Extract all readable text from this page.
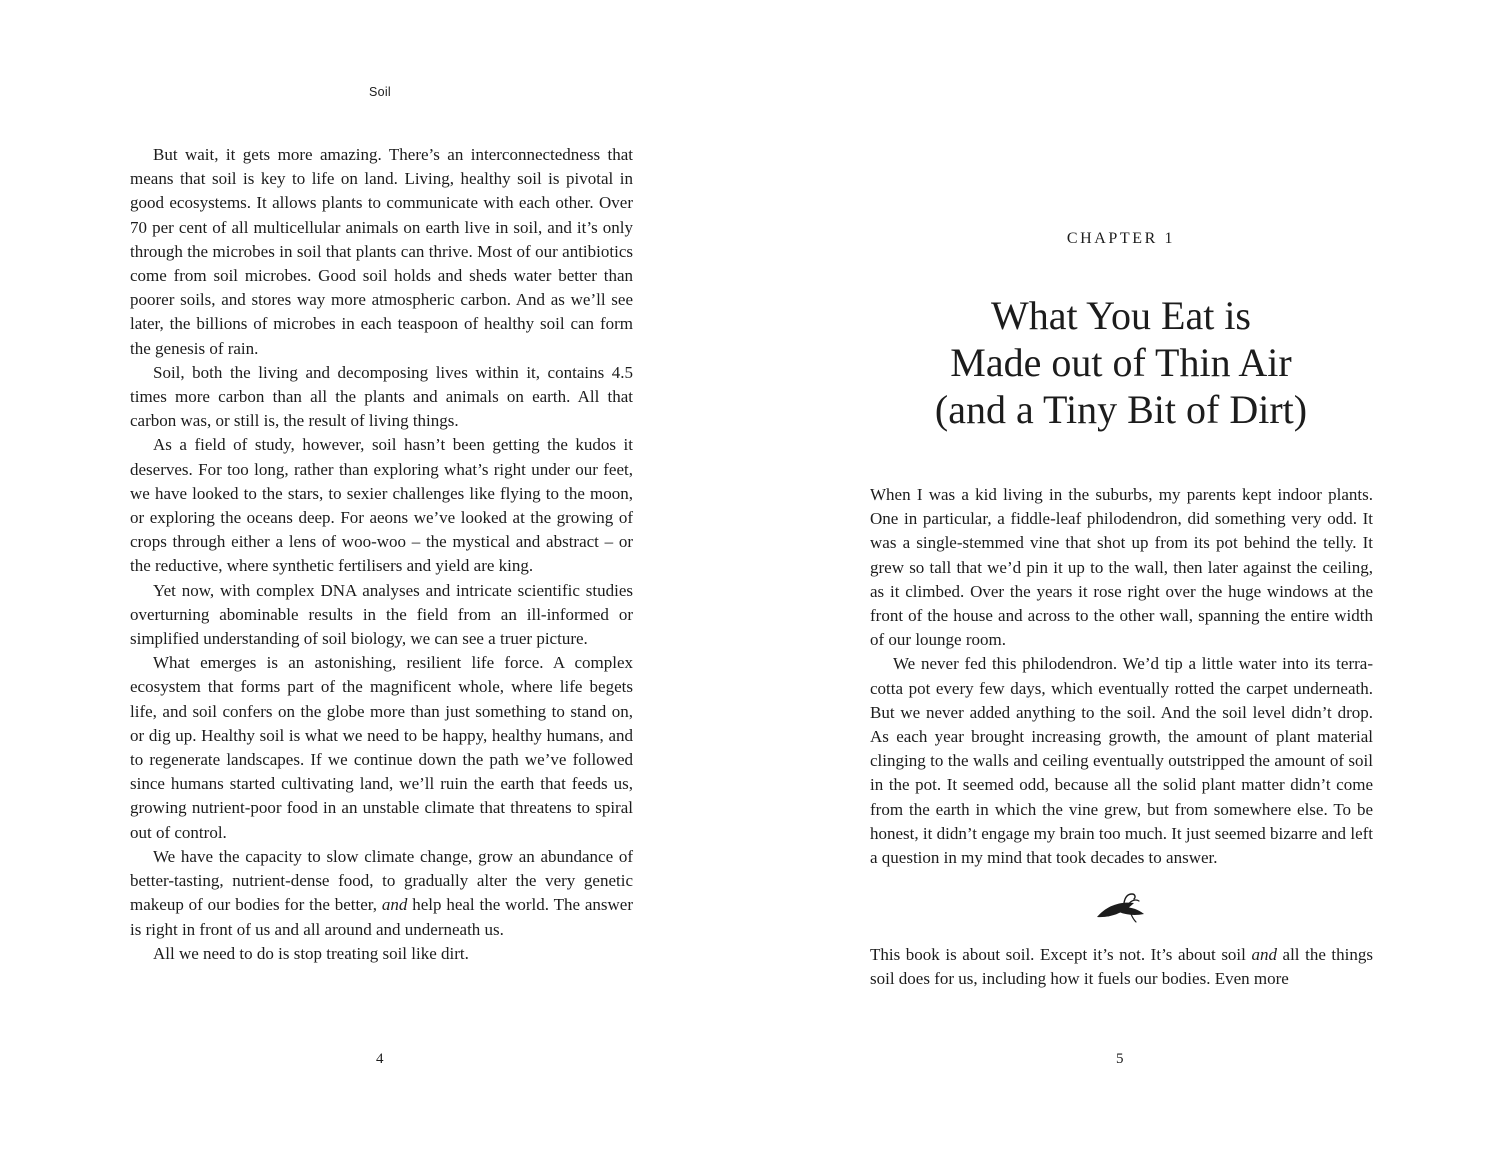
Soil

But wait, it gets more amazing. There’s an interconnectedness that means that soil is key to life on land. Living, healthy soil is pivotal in good ecosystems. It allows plants to communicate with each other. Over 70 per cent of all multicellular animals on earth live in soil, and it’s only through the microbes in soil that plants can thrive. Most of our antibiotics come from soil microbes. Good soil holds and sheds water better than poorer soils, and stores way more atmospheric carbon. And as we’ll see later, the billions of microbes in each teaspoon of healthy soil can form the genesis of rain.

Soil, both the living and decomposing lives within it, contains 4.5 times more carbon than all the plants and animals on earth. All that carbon was, or still is, the result of living things.

As a field of study, however, soil hasn’t been getting the kudos it deserves. For too long, rather than exploring what’s right under our feet, we have looked to the stars, to sexier challenges like flying to the moon, or exploring the oceans deep. For aeons we’ve looked at the growing of crops through either a lens of woo-woo – the mystical and abstract – or the reductive, where synthetic fertilisers and yield are king.

Yet now, with complex DNA analyses and intricate scientific studies overturning abominable results in the field from an ill-informed or simplified understanding of soil biology, we can see a truer picture.

What emerges is an astonishing, resilient life force. A complex ecosystem that forms part of the magnificent whole, where life begets life, and soil confers on the globe more than just something to stand on, or dig up. Healthy soil is what we need to be happy, healthy humans, and to regenerate landscapes. If we continue down the path we’ve followed since humans started cultivating land, we’ll ruin the earth that feeds us, growing nutrient-poor food in an unstable climate that threatens to spiral out of control.

We have the capacity to slow climate change, grow an abundance of better-tasting, nutrient-dense food, to gradually alter the very genetic makeup of our bodies for the better, and help heal the world. The answer is right in front of us and all around and underneath us.

All we need to do is stop treating soil like dirt.

4
CHAPTER 1
What You Eat is
Made out of Thin Air
(and a Tiny Bit of Dirt)

When I was a kid living in the suburbs, my parents kept indoor plants. One in particular, a fiddle-leaf philodendron, did something very odd. It was a single-stemmed vine that shot up from its pot behind the telly. It grew so tall that we’d pin it up to the wall, then later against the ceiling, as it climbed. Over the years it rose right over the huge windows at the front of the house and across to the other wall, spanning the entire width of our lounge room.

We never fed this philodendron. We’d tip a little water into its terracotta pot every few days, which eventually rotted the carpet underneath. But we never added anything to the soil. And the soil level didn’t drop. As each year brought increasing growth, the amount of plant material clinging to the walls and ceiling eventually outstripped the amount of soil in the pot. It seemed odd, because all the solid plant matter didn’t come from the earth in which the vine grew, but from somewhere else. To be honest, it didn’t engage my brain too much. It just seemed bizarre and left a question in my mind that took decades to answer.

This book is about soil. Except it’s not. It’s about soil and all the things soil does for us, including how it fuels our bodies. Even more

5
